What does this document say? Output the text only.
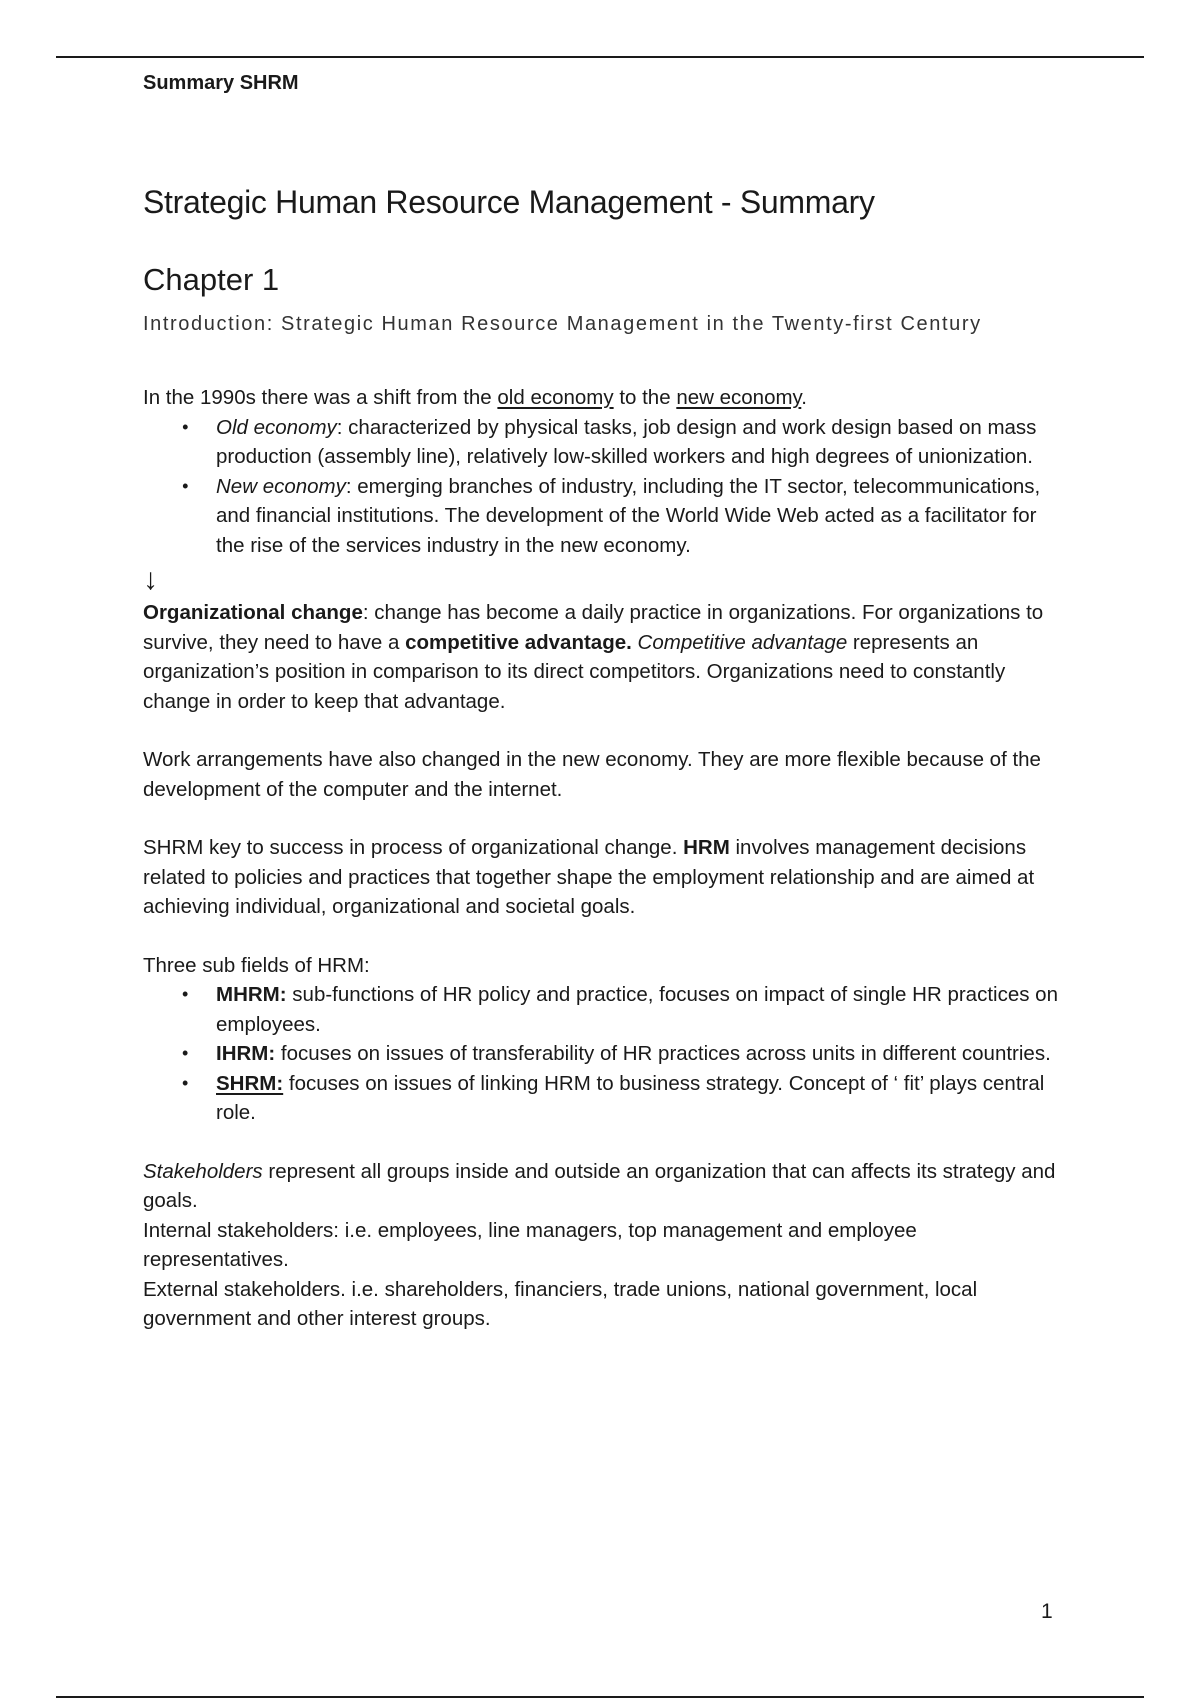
Summary SHRM
Strategic Human Resource Management - Summary
Chapter 1
Introduction: Strategic Human Resource Management in the Twenty-first Century

In the 1990s there was a shift from the old economy to the new economy.

• Old economy: characterized by physical tasks, job design and work design based on mass production (assembly line), relatively low-skilled workers and high degrees of unionization.
• New economy: emerging branches of industry, including the IT sector, telecommunications, and financial institutions. The development of the World Wide Web acted as a facilitator for the rise of the services industry in the new economy.
↓

Organizational change: change has become a daily practice in organizations. For organizations to survive, they need to have a competitive advantage. Competitive advantage represents an organization’s position in comparison to its direct competitors. Organizations need to constantly change in order to keep that advantage.

Work arrangements have also changed in the new economy. They are more flexible because of the development of the computer and the internet.

SHRM key to success in process of organizational change. HRM involves management decisions related to policies and practices that together shape the employment relationship and are aimed at achieving individual, organizational and societal goals.

Three sub fields of HRM:

• MHRM: sub-functions of HR policy and practice, focuses on impact of single HR practices on employees.
• IHRM: focuses on issues of transferability of HR practices across units in different countries.
• SHRM: focuses on issues of linking HRM to business strategy. Concept of ‘ fit’ plays central role.

Stakeholders represent all groups inside and outside an organization that can affects its strategy and goals.

Internal stakeholders: i.e. employees, line managers, top management and employee representatives.

External stakeholders. i.e. shareholders, financiers, trade unions, national government, local government and other interest groups.

1
